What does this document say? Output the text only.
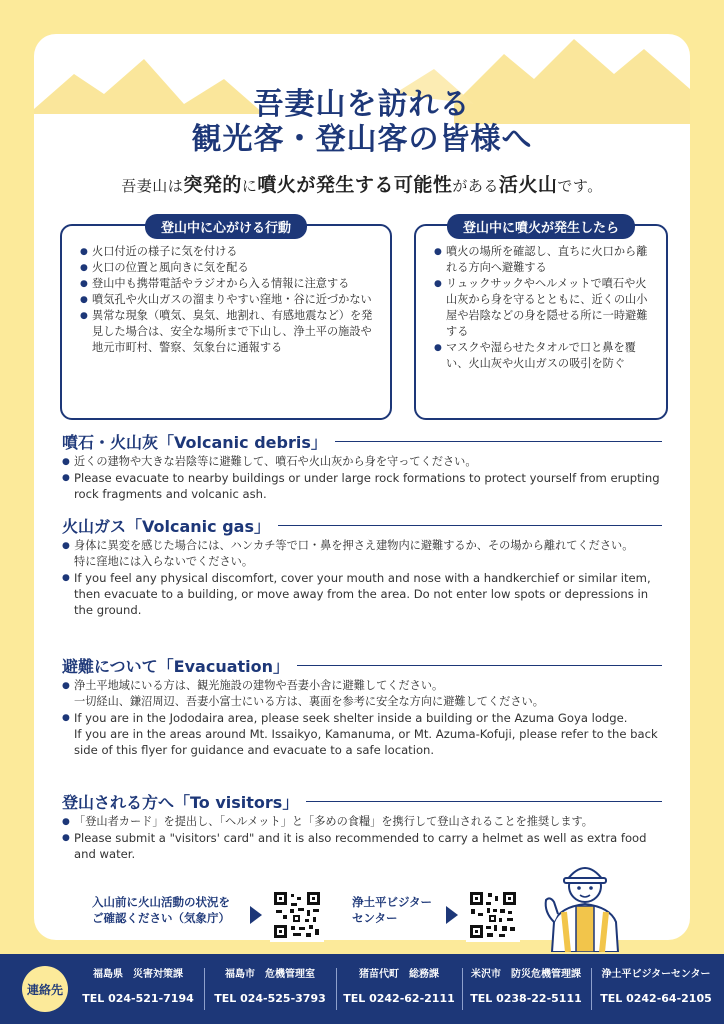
吾妻山を訪れる
観光客・登山客の皆様へ
吾妻山は突発的に噴火が発生する可能性がある活火山です。
登山中に心がける行動
● 火口付近の様子に気を付ける
● 火口の位置と風向きに気を配る
● 登山中も携帯電話やラジオから入る情報に注意する
● 噴気孔や火山ガスの溜まりやすい窪地・谷に近づかない
● 異常な現象（噴気、臭気、地割れ、有感地震など）を発見した場合は、安全な場所まで下山し、浄土平の施設や地元市町村、警察、気象台に通報する
登山中に噴火が発生したら
● 噴火の場所を確認し、直ちに火口から離れる方向へ避難する
● リュックサックやヘルメットで噴石や火山灰から身を守るとともに、近くの山小屋や岩陰などの身を隠せる所に一時避難する
● マスクや湿らせたタオルで口と鼻を覆い、火山灰や火山ガスの吸引を防ぐ
噴石・火山灰「Volcanic debris」
● 近くの建物や大きな岩陰等に避難して、噴石や火山灰から身を守ってください。
● Please evacuate to nearby buildings or under large rock formations to protect yourself from erupting rock fragments and volcanic ash.
火山ガス「Volcanic gas」
● 身体に異変を感じた場合には、ハンカチ等で口・鼻を押さえ建物内に避難するか、その場から離れてください。
特に窪地には入らないでください。
● If you feel any physical discomfort, cover your mouth and nose with a handkerchief or similar item, then evacuate to a building, or move away from the area. Do not enter low spots or depressions in the ground.
避難について「Evacuation」
● 浄土平地域にいる方は、観光施設の建物や吾妻小舎に避難してください。
一切経山、鎌沼周辺、吾妻小富士にいる方は、裏面を参考に安全な方向に避難してください。
● If you are in the Jododaira area, please seek shelter inside a building or the Azuma Goya lodge.
If you are in the areas around Mt. Issaikyo, Kamanuma, or Mt. Azuma-Kofuji, please refer to the back side of this flyer for guidance and evacuate to a safe location.
登山される方へ「To visitors」
● 「登山者カード」を提出し、「ヘルメット」と「多めの食糧」を携行して登山されることを推奨します。
● Please submit a "visitors' card" and it is also recommended to carry a helmet as well as extra food and water.
入山前に火山活動の状況を
ご確認ください（気象庁）
浄土平ビジター
センター
連絡先
福島県　災害対策課
TEL 024-521-7194
福島市　危機管理室
TEL 024-525-3793
猪苗代町　総務課
TEL 0242-62-2111
米沢市　防災危機管理課
TEL 0238-22-5111
浄土平ビジターセンター
TEL 0242-64-2105
